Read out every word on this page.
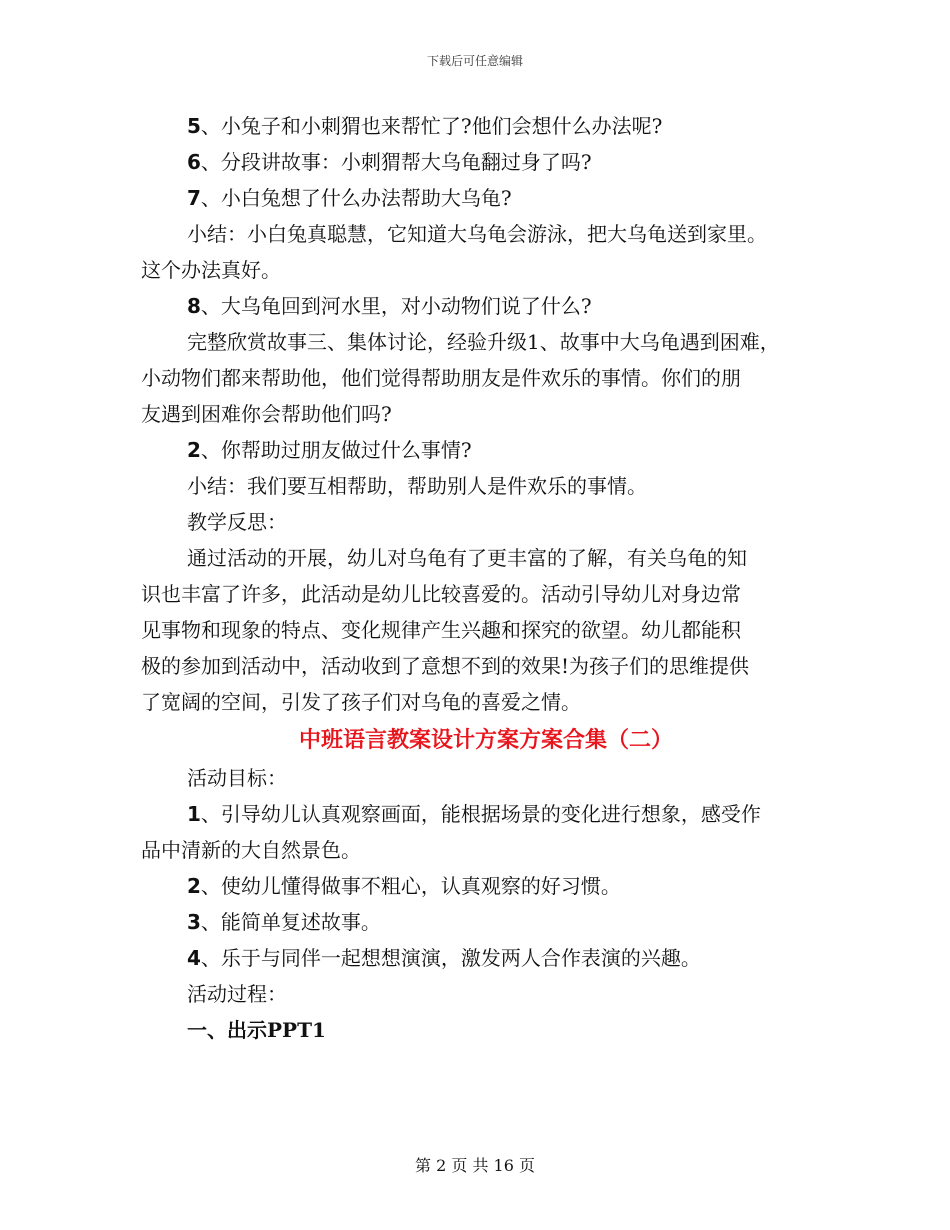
下载后可任意编辑

5、小兔子和小刺猬也来帮忙了?他们会想什么办法呢?

6、分段讲故事：小刺猬帮大乌龟翻过身了吗?

7、小白兔想了什么办法帮助大乌龟?

小结：小白兔真聪慧，它知道大乌龟会游泳，把大乌龟送到家里。

这个办法真好。

8、大乌龟回到河水里，对小动物们说了什么?

完整欣赏故事三、集体讨论，经验升级1、故事中大乌龟遇到困难，

小动物们都来帮助他，他们觉得帮助朋友是件欢乐的事情。你们的朋

友遇到困难你会帮助他们吗?

2、你帮助过朋友做过什么事情?

小结：我们要互相帮助，帮助别人是件欢乐的事情。

教学反思：

通过活动的开展，幼儿对乌龟有了更丰富的了解，有关乌龟的知

识也丰富了许多，此活动是幼儿比较喜爱的。活动引导幼儿对身边常

见事物和现象的特点、变化规律产生兴趣和探究的欲望。幼儿都能积

极的参加到活动中，活动收到了意想不到的效果!为孩子们的思维提供

了宽阔的空间，引发了孩子们对乌龟的喜爱之情。

中班语言教案设计方案方案合集（二）

活动目标：

1、引导幼儿认真观察画面，能根据场景的变化进行想象，感受作

品中清新的大自然景色。

2、使幼儿懂得做事不粗心，认真观察的好习惯。

3、能简单复述故事。

4、乐于与同伴一起想想演演，激发两人合作表演的兴趣。

活动过程：

一、出示PPT1

第 2 页 共 16 页
